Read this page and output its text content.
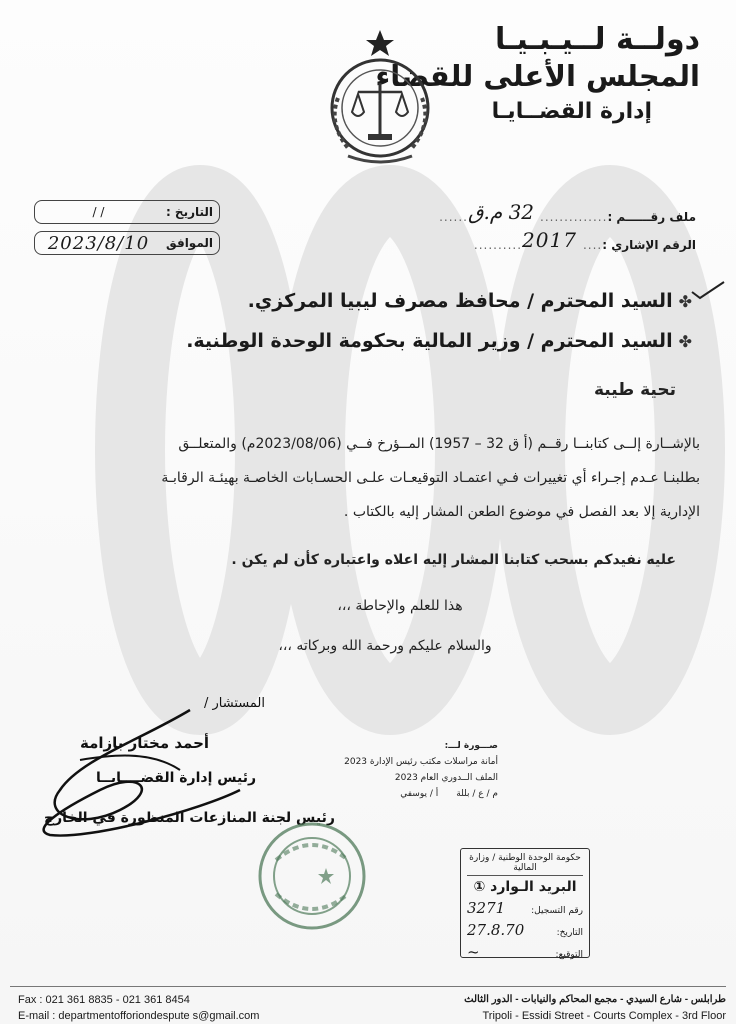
دولــة لــيـبـيـا
المجلس الأعلى للقضاء
إدارة القضــايـا
ملف رقــــــم :
..............
32 م.ق
......
الرقم الإشاري :
....
2017
..........
التاريخ :
/ /
الموافق
2023/8/10
✤السيد المحترم / محافظ مصرف ليبيا المركزي.
✤السيد المحترم / وزير المالية بحكومة الوحدة الوطنية.
تحية طيبة
بالإشــارة إلــى كتابنــا رقــم (أ ق 32 – 1957) المــؤرخ فــي (2023/08/06م) والمتعلــق
بطلبنـا عـدم إجـراء أي تغييرات فـي اعتمـاد التوقيعـات علـى الحسـابات الخاصـة بهيئـة الرقابـة
الإدارية إلا بعد الفصل في موضوع الطعن المشار إليه بالكتاب .
عليه نفيدكم بسحب كتابنا المشار إليه اعلاه واعتباره كأن لم يكن .
هذا للعلم والإحاطة ،،،
والسلام عليكم ورحمة الله وبركاته ،،،
المستشار /
أحمد مختار بازامة
رئيس إدارة القضــــايــا
رئيس لجنة المنازعات المنظورة في الخارج
صـــورة لـــ:
أمانة مراسلات مكتب رئيس الإدارة 2023
الملف الــدوري العام 2023
م / ع / بللة
أ / يوسفي
حكومة الوحدة الوطنية / وزارة المالية
البريد الـوارد ①
رقم التسجيل:
3271
التاريخ:
27.8.70
التوقيع:
~
Fax : 021 361 8835 - 021 361 8454
E-mail : departmentofforiondespute s@gmail.com
طرابلس - شارع السيدي - مجمع المحاكم والنيابات - الدور الثالث
Tripoli - Essidi Street - Courts Complex - 3rd Floor
